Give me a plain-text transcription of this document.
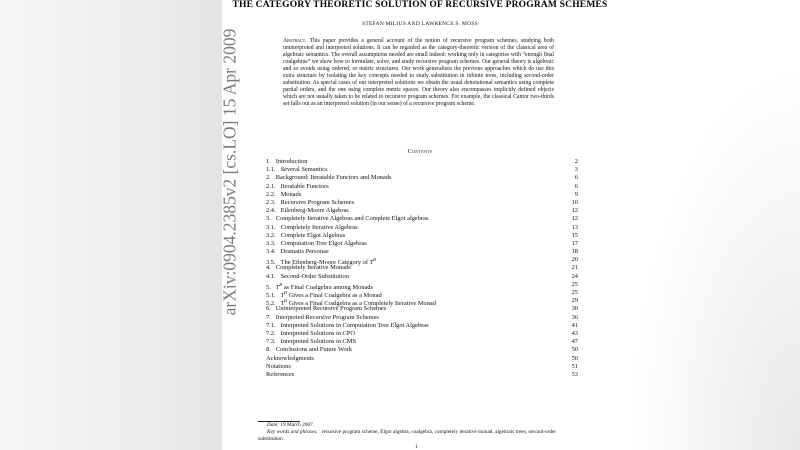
arXiv:0904.2385v2 [cs.LO] 15 Apr 2009
THE CATEGORY THEORETIC SOLUTION OF RECURSIVE PROGRAM SCHEMES
STEFAN MILIUS AND LAWRENCE S. MOSS
Abstract. This paper provides a general account of the notion of recursive program schemes, studying both uninterpreted and interpreted solutions. It can be regarded as the category-theoretic version of the classical area of algebraic semantics. The overall assumptions needed are small indeed: working only in categories with “enough final coalgebras” we show how to formulate, solve, and study recursive program schemes. Our general theory is algebraic and so avoids using ordered, or metric structures. Our work generalizes the previous approaches which do use this extra structure by isolating the key concepts needed to study substitution in infinite trees, including second-order substitution. As special cases of our interpreted solutions we obtain the usual denotational semantics using complete partial orders, and the one using complete metric spaces. Our theory also encompasses implicitly defined objects which are not usually taken to be related to recursive program schemes. For example, the classical Cantor two-thirds set falls out as an interpreted solution (in our sense) of a recursive program scheme.
Contents
1. Introduction	2
1.1. Several Semantics	3
2. Background: Iteratable Functors and Monads	6
2.1. Iteratable Functors	6
2.2. Monads	9
2.3. Recursive Program Schemes	10
2.4. Eilenberg-Moore Algebras	12
3. Completely Iterative Algebras and Complete Elgot algebras	12
3.1. Completely Iterative Algebras	13
3.2. Complete Elgot Algebras	15
3.3. Computation Tree Elgot Algebras	17
3.4. Dramatis Personae	18
3.5. The Eilenberg-Moore Category of $T^H$	20
4. Completely Iterative Monads	21
4.1. Second-Order Substitution	24
5. $T^H$ as Final Coalgebra among Monads	25
5.1. $T^H$ Gives a Final Coalgebra as a Monad	25
5.2. $T^H$ Gives a Final Coalgebra as a Completely Iterative Monad	29
6. Uninterpreted Recursive Program Schemes	30
7. Interpreted Recursive Program Schemes	36
7.1. Interpreted Solutions in Computation Tree Elgot Algebras	41
7.2. Interpreted Solutions in CPO	43
7.3. Interpreted Solutions in CMS	47
8. Conclusions and Future Work	50
Acknowledgments	50
Notations	51
References	53
Date: 19 March 2007.
Key words and phrases. recursive program scheme, Elgot algebra, coalgebra, completely iterative monad, algebraic trees, second-order substitution .
1
